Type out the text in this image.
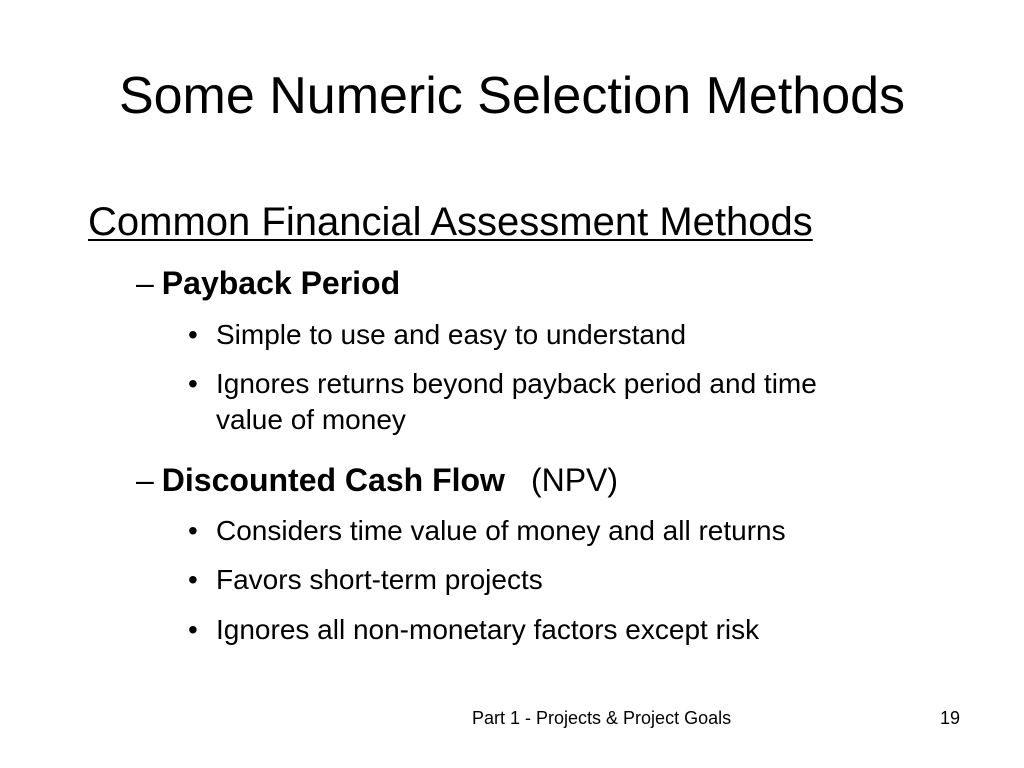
Some Numeric Selection Methods
Common Financial Assessment Methods
– Payback Period
• Simple to use and easy to understand
• Ignores returns beyond payback period and time value of money
– Discounted Cash Flow (NPV)
• Considers time value of money and all returns
• Favors short-term projects
• Ignores all non-monetary factors except risk
Part 1 - Projects & Project Goals	19
